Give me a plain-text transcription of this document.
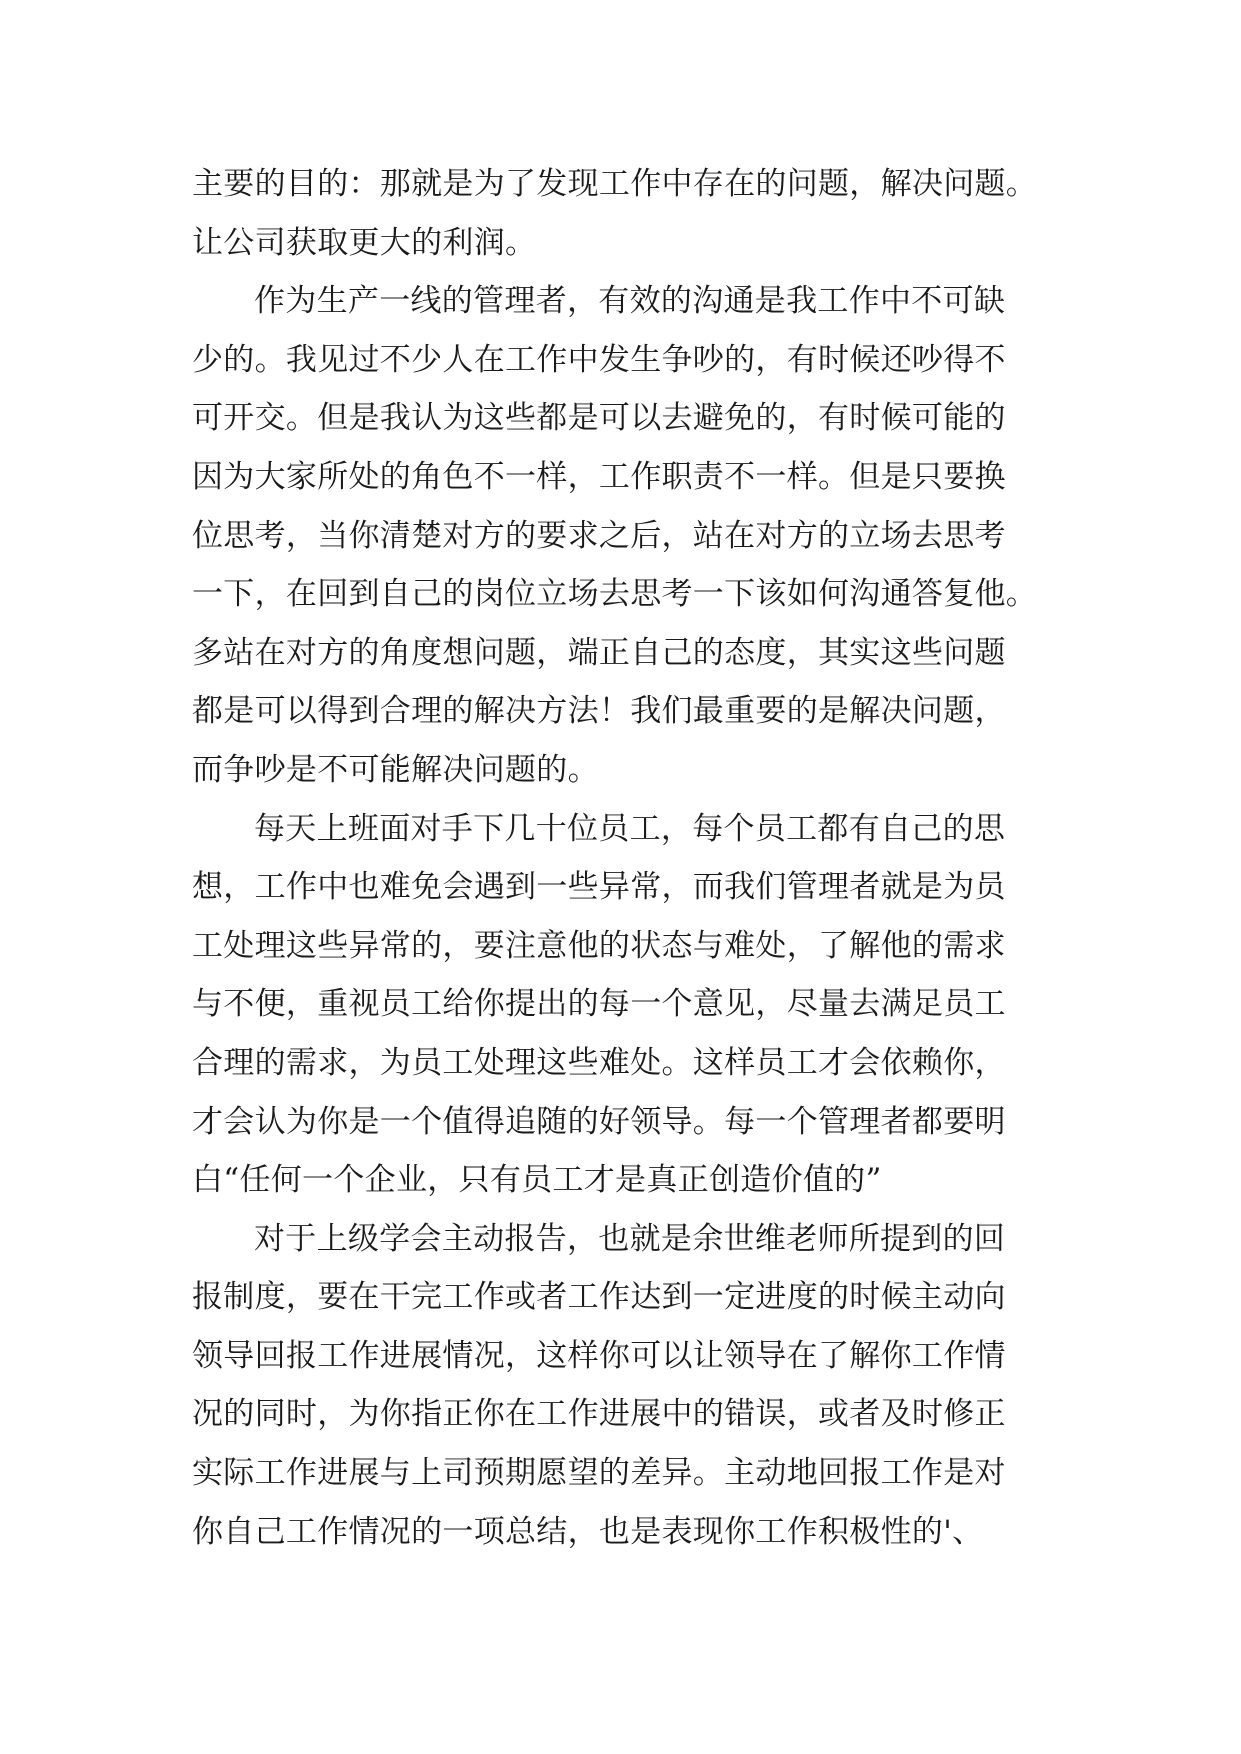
主要的目的：那就是为了发现工作中存在的问题，解决问题。
让公司获取更大的利润。
作为生产一线的管理者，有效的沟通是我工作中不可缺
少的。我见过不少人在工作中发生争吵的，有时候还吵得不
可开交。但是我认为这些都是可以去避免的，有时候可能的
因为大家所处的角色不一样，工作职责不一样。但是只要换
位思考，当你清楚对方的要求之后，站在对方的立场去思考
一下，在回到自己的岗位立场去思考一下该如何沟通答复他。
多站在对方的角度想问题，端正自己的态度，其实这些问题
都是可以得到合理的解决方法！我们最重要的是解决问题，
而争吵是不可能解决问题的。
每天上班面对手下几十位员工，每个员工都有自己的思
想，工作中也难免会遇到一些异常，而我们管理者就是为员
工处理这些异常的，要注意他的状态与难处，了解他的需求
与不便，重视员工给你提出的每一个意见，尽量去满足员工
合理的需求，为员工处理这些难处。这样员工才会依赖你，
才会认为你是一个值得追随的好领导。每一个管理者都要明
白“任何一个企业，只有员工才是真正创造价值的”
对于上级学会主动报告，也就是余世维老师所提到的回
报制度，要在干完工作或者工作达到一定进度的时候主动向
领导回报工作进展情况，这样你可以让领导在了解你工作情
况的同时，为你指正你在工作进展中的错误，或者及时修正
实际工作进展与上司预期愿望的差异。主动地回报工作是对
你自己工作情况的一项总结，也是表现你工作积极性的'、
